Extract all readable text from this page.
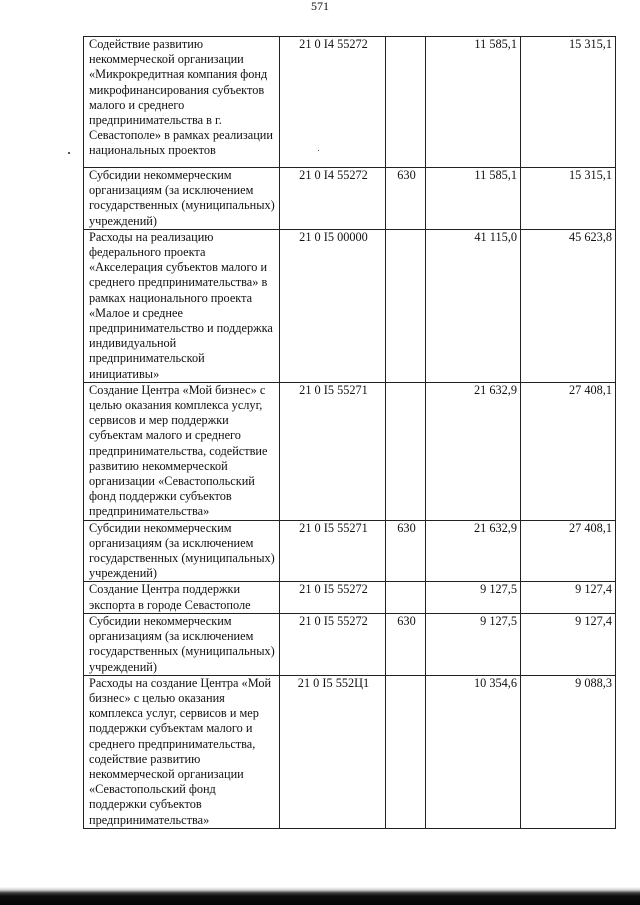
571
Содействие развитию некоммерческой организации «Микрокредитная компания фонд микрофинансирования субъектов малого и среднего предпринимательства в г. Севастополе» в рамках реализации национальных проектов	21 0 I4 55272		11 585,1	15 315,1
Субсидии некоммерческим организациям (за исключением государственных (муниципальных) учреждений)	21 0 I4 55272	630	11 585,1	15 315,1
Расходы на реализацию федерального проекта «Акселерация субъектов малого и среднего предпринимательства» в рамках национального проекта «Малое и среднее предпринимательство и поддержка индивидуальной предпринимательской инициативы»	21 0 I5 00000		41 115,0	45 623,8
Создание Центра «Мой бизнес» с целью оказания комплекса услуг, сервисов и мер поддержки субъектам малого и среднего предпринимательства, содействие развитию некоммерческой организации «Севастопольский фонд поддержки субъектов предпринимательства»	21 0 I5 55271		21 632,9	27 408,1
Субсидии некоммерческим организациям (за исключением государственных (муниципальных) учреждений)	21 0 I5 55271	630	21 632,9	27 408,1
Создание Центра поддержки экспорта в городе Севастополе	21 0 I5 55272		9 127,5	9 127,4
Субсидии некоммерческим организациям (за исключением государственных (муниципальных) учреждений)	21 0 I5 55272	630	9 127,5	9 127,4
Расходы на создание Центра «Мой бизнес» с целью оказания комплекса услуг, сервисов и мер поддержки субъектам малого и среднего предпринимательства, содействие развитию некоммерческой организации «Севастопольский фонд поддержки субъектов предпринимательства»	21 0 I5 552Ц1		10 354,6	9 088,3
